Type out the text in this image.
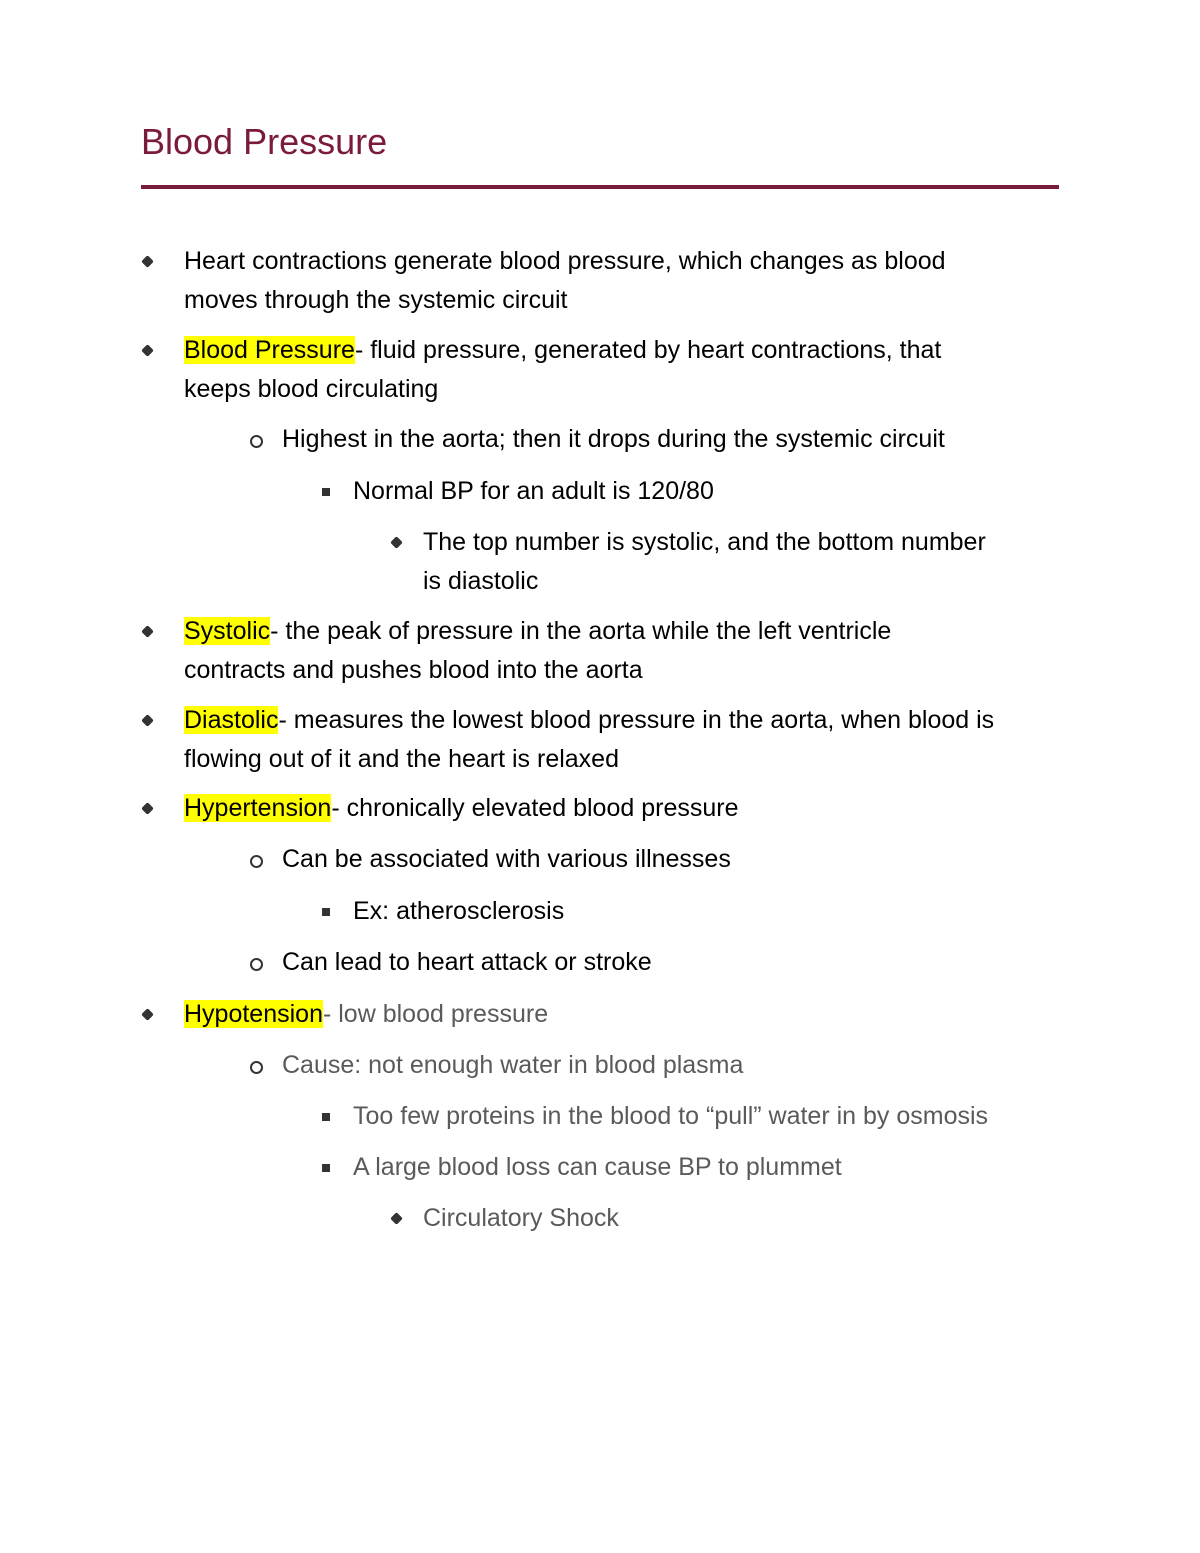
Blood Pressure
Heart contractions generate blood pressure, which changes as blood
moves through the systemic circuit
Blood Pressure- fluid pressure, generated by heart contractions, that
keeps blood circulating
Highest in the aorta; then it drops during the systemic circuit
Normal BP for an adult is 120/80
The top number is systolic, and the bottom number
is diastolic
Systolic- the peak of pressure in the aorta while the left ventricle
contracts and pushes blood into the aorta
Diastolic- measures the lowest blood pressure in the aorta, when blood is
flowing out of it and the heart is relaxed
Hypertension- chronically elevated blood pressure
Can be associated with various illnesses
Ex: atherosclerosis
Can lead to heart attack or stroke
Hypotension- low blood pressure
Cause: not enough water in blood plasma
Too few proteins in the blood to “pull” water in by osmosis
A large blood loss can cause BP to plummet
Circulatory Shock
